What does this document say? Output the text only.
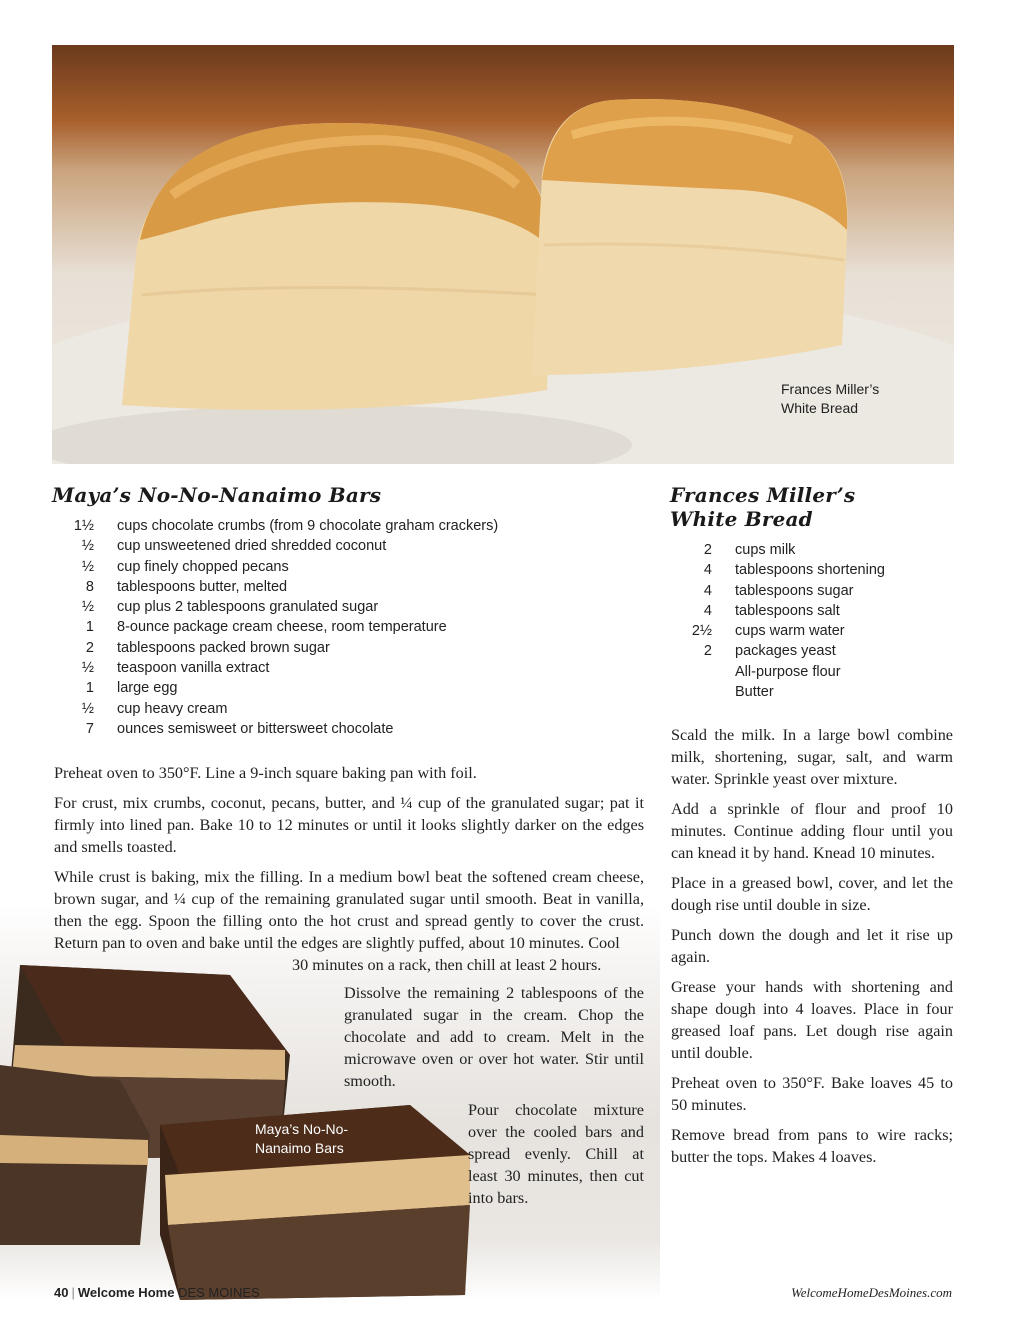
Frances Miller’s
White Bread
Maya’s No-No-
Nanaimo Bars
Maya’s No-No-Nanaimo Bars
1½ cups chocolate crumbs (from 9 chocolate graham crackers)
½ cup unsweetened dried shredded coconut
½ cup finely chopped pecans
8 tablespoons butter, melted
½ cup plus 2 tablespoons granulated sugar
1 8-ounce package cream cheese, room temperature
2 tablespoons packed brown sugar
½ teaspoon vanilla extract
1 large egg
½ cup heavy cream
7 ounces semisweet or bittersweet chocolate

Preheat oven to 350°F. Line a 9-inch square baking pan with foil.

For crust, mix crumbs, coconut, pecans, butter, and ¼ cup of the granulated sugar; pat it firmly into lined pan. Bake 10 to 12 minutes or until it looks slightly darker on the edges and smells toasted.

While crust is baking, mix the filling. In a medium bowl beat the softened cream cheese, brown sugar, and ¼ cup of the remaining granulated sugar until smooth. Beat in vanilla, then the egg. Spoon the filling onto the hot crust and spread gently to cover the crust. Return pan to oven and bake until the edges are slightly puffed, about 10 minutes. Cool

30 minutes on a rack, then chill at least 2 hours.

Dissolve the remaining 2 tablespoons of the granulated sugar in the cream. Chop the chocolate and add to cream. Melt in the microwave oven or over hot water. Stir until smooth.

Pour chocolate mixture over the cooled bars and spread evenly. Chill at least 30 minutes, then cut into bars.

Frances Miller’s
White Bread
2 cups milk
4 tablespoons shortening
4 tablespoons sugar
4 tablespoons salt
2½ cups warm water
2 packages yeast
All-purpose flour
Butter

Scald the milk. In a large bowl combine milk, shortening, sugar, salt, and warm water. Sprinkle yeast over mixture.

Add a sprinkle of flour and proof 10 minutes. Continue adding flour until you can knead it by hand. Knead 10 minutes.

Place in a greased bowl, cover, and let the dough rise until double in size.

Punch down the dough and let it rise up again.

Grease your hands with shortening and shape dough into 4 loaves. Place in four greased loaf pans. Let dough rise again until double.

Preheat oven to 350°F. Bake loaves 45 to 50 minutes.

Remove bread from pans to wire racks; butter the tops. Makes 4 loaves.

40 | Welcome Home DES MOINES	WelcomeHomeDesMoines.com
